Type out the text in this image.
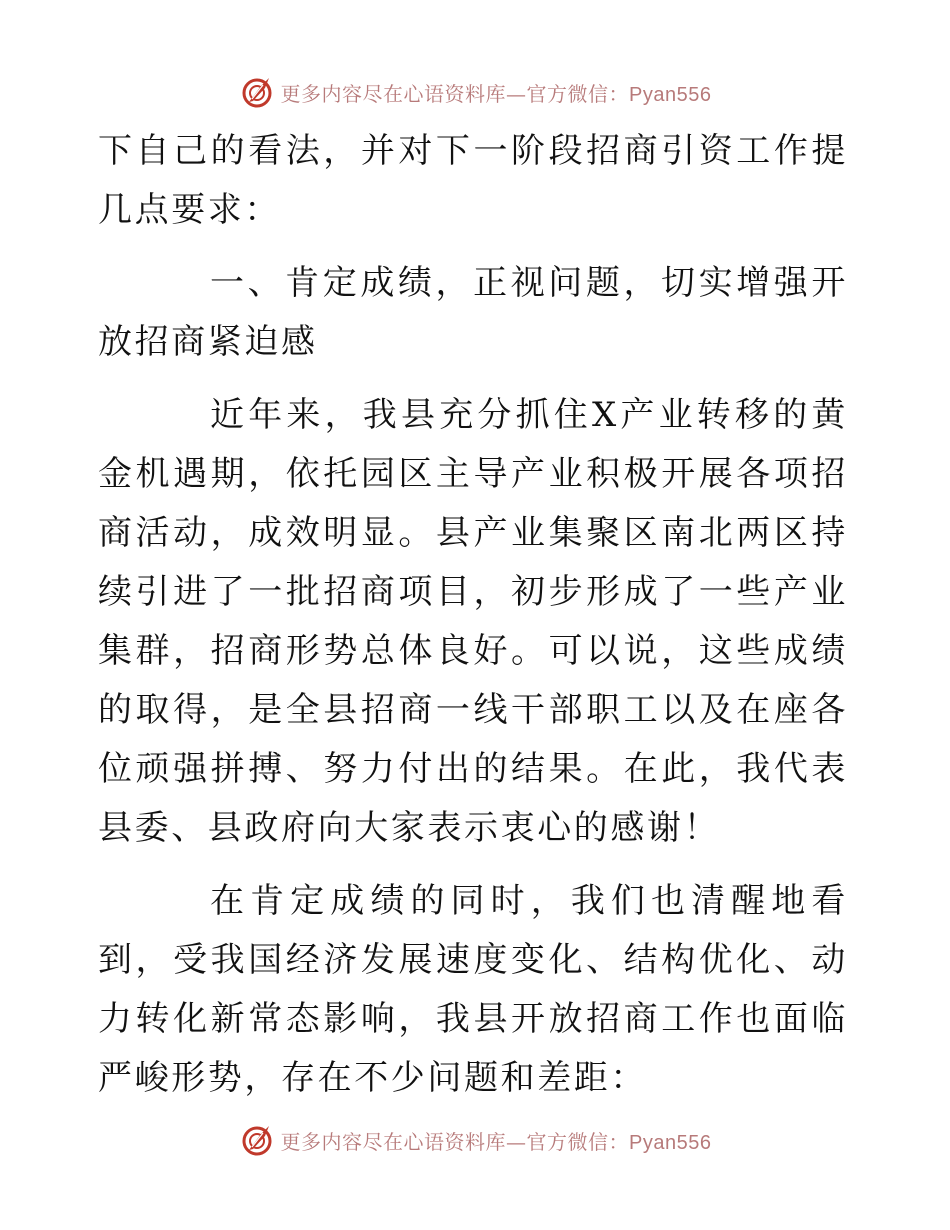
更多内容尽在心语资料库—官方微信：Pyan556

下自己的看法，并对下一阶段招商引资工作提几点要求：

一、肯定成绩，正视问题，切实增强开放招商紧迫感

近年来，我县充分抓住X产业转移的黄金机遇期，依托园区主导产业积极开展各项招商活动，成效明显。县产业集聚区南北两区持续引进了一批招商项目，初步形成了一些产业集群，招商形势总体良好。可以说，这些成绩的取得，是全县招商一线干部职工以及在座各位顽强拼搏、努力付出的结果。在此，我代表县委、县政府向大家表示衷心的感谢！

在肯定成绩的同时，我们也清醒地看到，受我国经济发展速度变化、结构优化、动力转化新常态影响，我县开放招商工作也面临严峻形势，存在不少问题和差距：

更多内容尽在心语资料库—官方微信：Pyan556
